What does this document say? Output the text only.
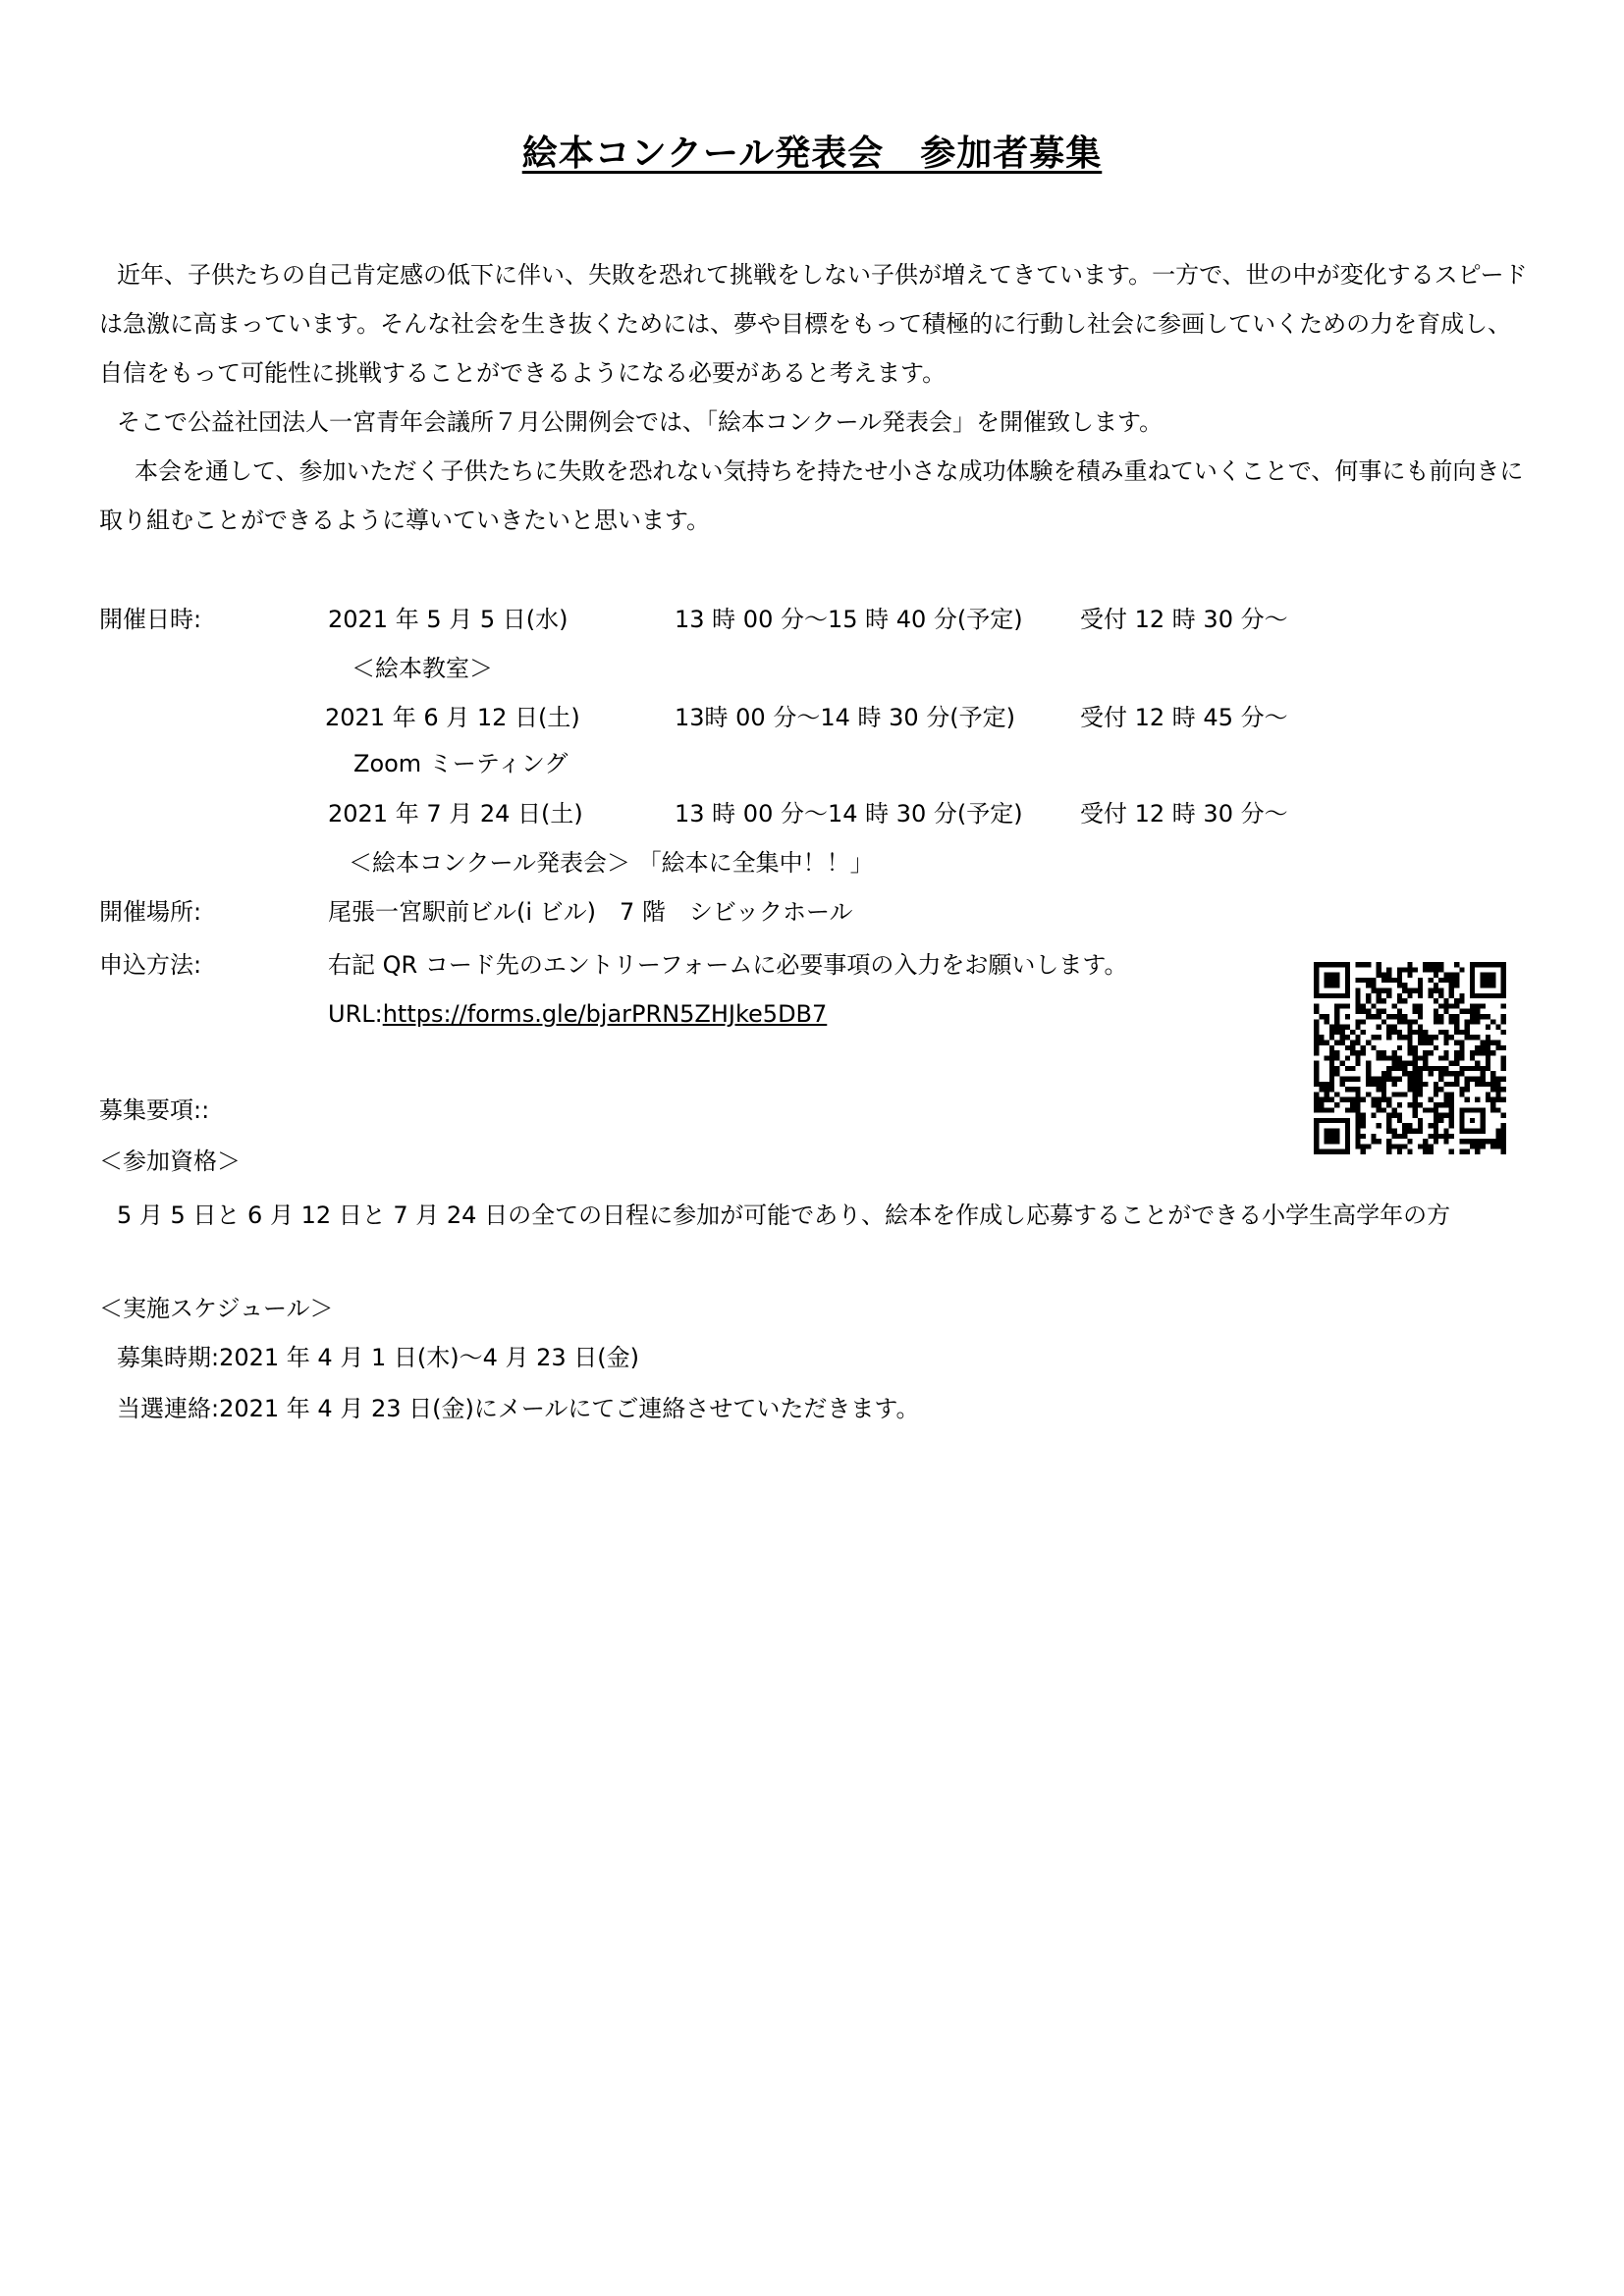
絵本コンクール発表会　参加者募集

近年、子供たちの自己肯定感の低下に伴い、失敗を恐れて挑戦をしない子供が増えてきています。一方で、世の中が変化するスピードは急激に高まっています。そんな社会を生き抜くためには、夢や目標をもって積極的に行動し社会に参画していくための力を育成し、自信をもって可能性に挑戦することができるようになる必要があると考えます。

そこで公益社団法人一宮青年会議所７月公開例会では、「絵本コンクール発表会」を開催致します。

本会を通して、参加いただく子供たちに失敗を恐れない気持ちを持たせ小さな成功体験を積み重ねていくことで、何事にも前向きに取り組むことができるように導いていきたいと思います。

開催日時:	2021 年 5 月 5 日(水)	13 時 00 分～15 時 40 分(予定) 受付 12 時 30 分～
＜絵本教室＞
2021 年 6 月 12 日(土)	13時 00 分～14 時 30 分(予定)	受付 12 時 45 分～
Zoom ミーティング
2021 年 7 月 24 日(土)	13 時 00 分～14 時 30 分(予定) 受付 12 時 30 分～
＜絵本コンクール発表会＞ 「絵本に全集中！！」
開催場所:	尾張一宮駅前ビル(i ビル)　7 階　シビックホール
申込方法:	右記 QR コード先のエントリーフォームに必要事項の入力をお願いします。
URL:https://forms.gle/bjarPRN5ZHJke5DB7
募集要項::
＜参加資格＞
5 月 5 日と 6 月 12 日と 7 月 24 日の全ての日程に参加が可能であり、絵本を作成し応募することができる小学生高学年の方
＜実施スケジュール＞
募集時期:2021 年 4 月 1 日(木)～4 月 23 日(金)
当選連絡:2021 年 4 月 23 日(金)にメールにてご連絡させていただきます。
